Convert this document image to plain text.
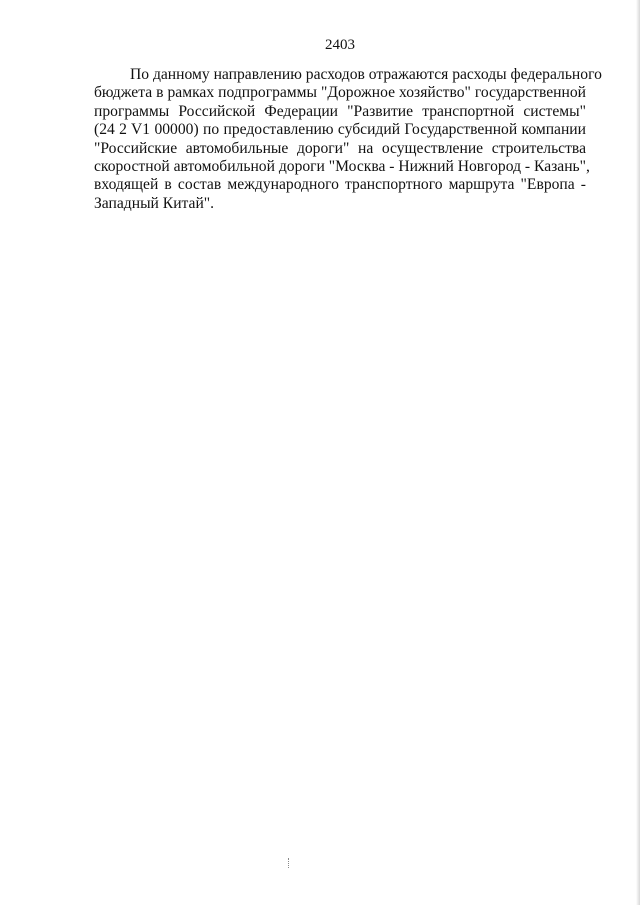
2403
По данному направлению расходов отражаются расходы федерального
бюджета в рамках подпрограммы "Дорожное хозяйство" государственной
программы Российской Федерации "Развитие транспортной системы"
(24 2 V1 00000) по предоставлению субсидий Государственной компании
"Российские автомобильные дороги" на осуществление строительства
скоростной автомобильной дороги "Москва - Нижний Новгород - Казань",
входящей в состав международного транспортного маршрута "Европа -
Западный Китай".
